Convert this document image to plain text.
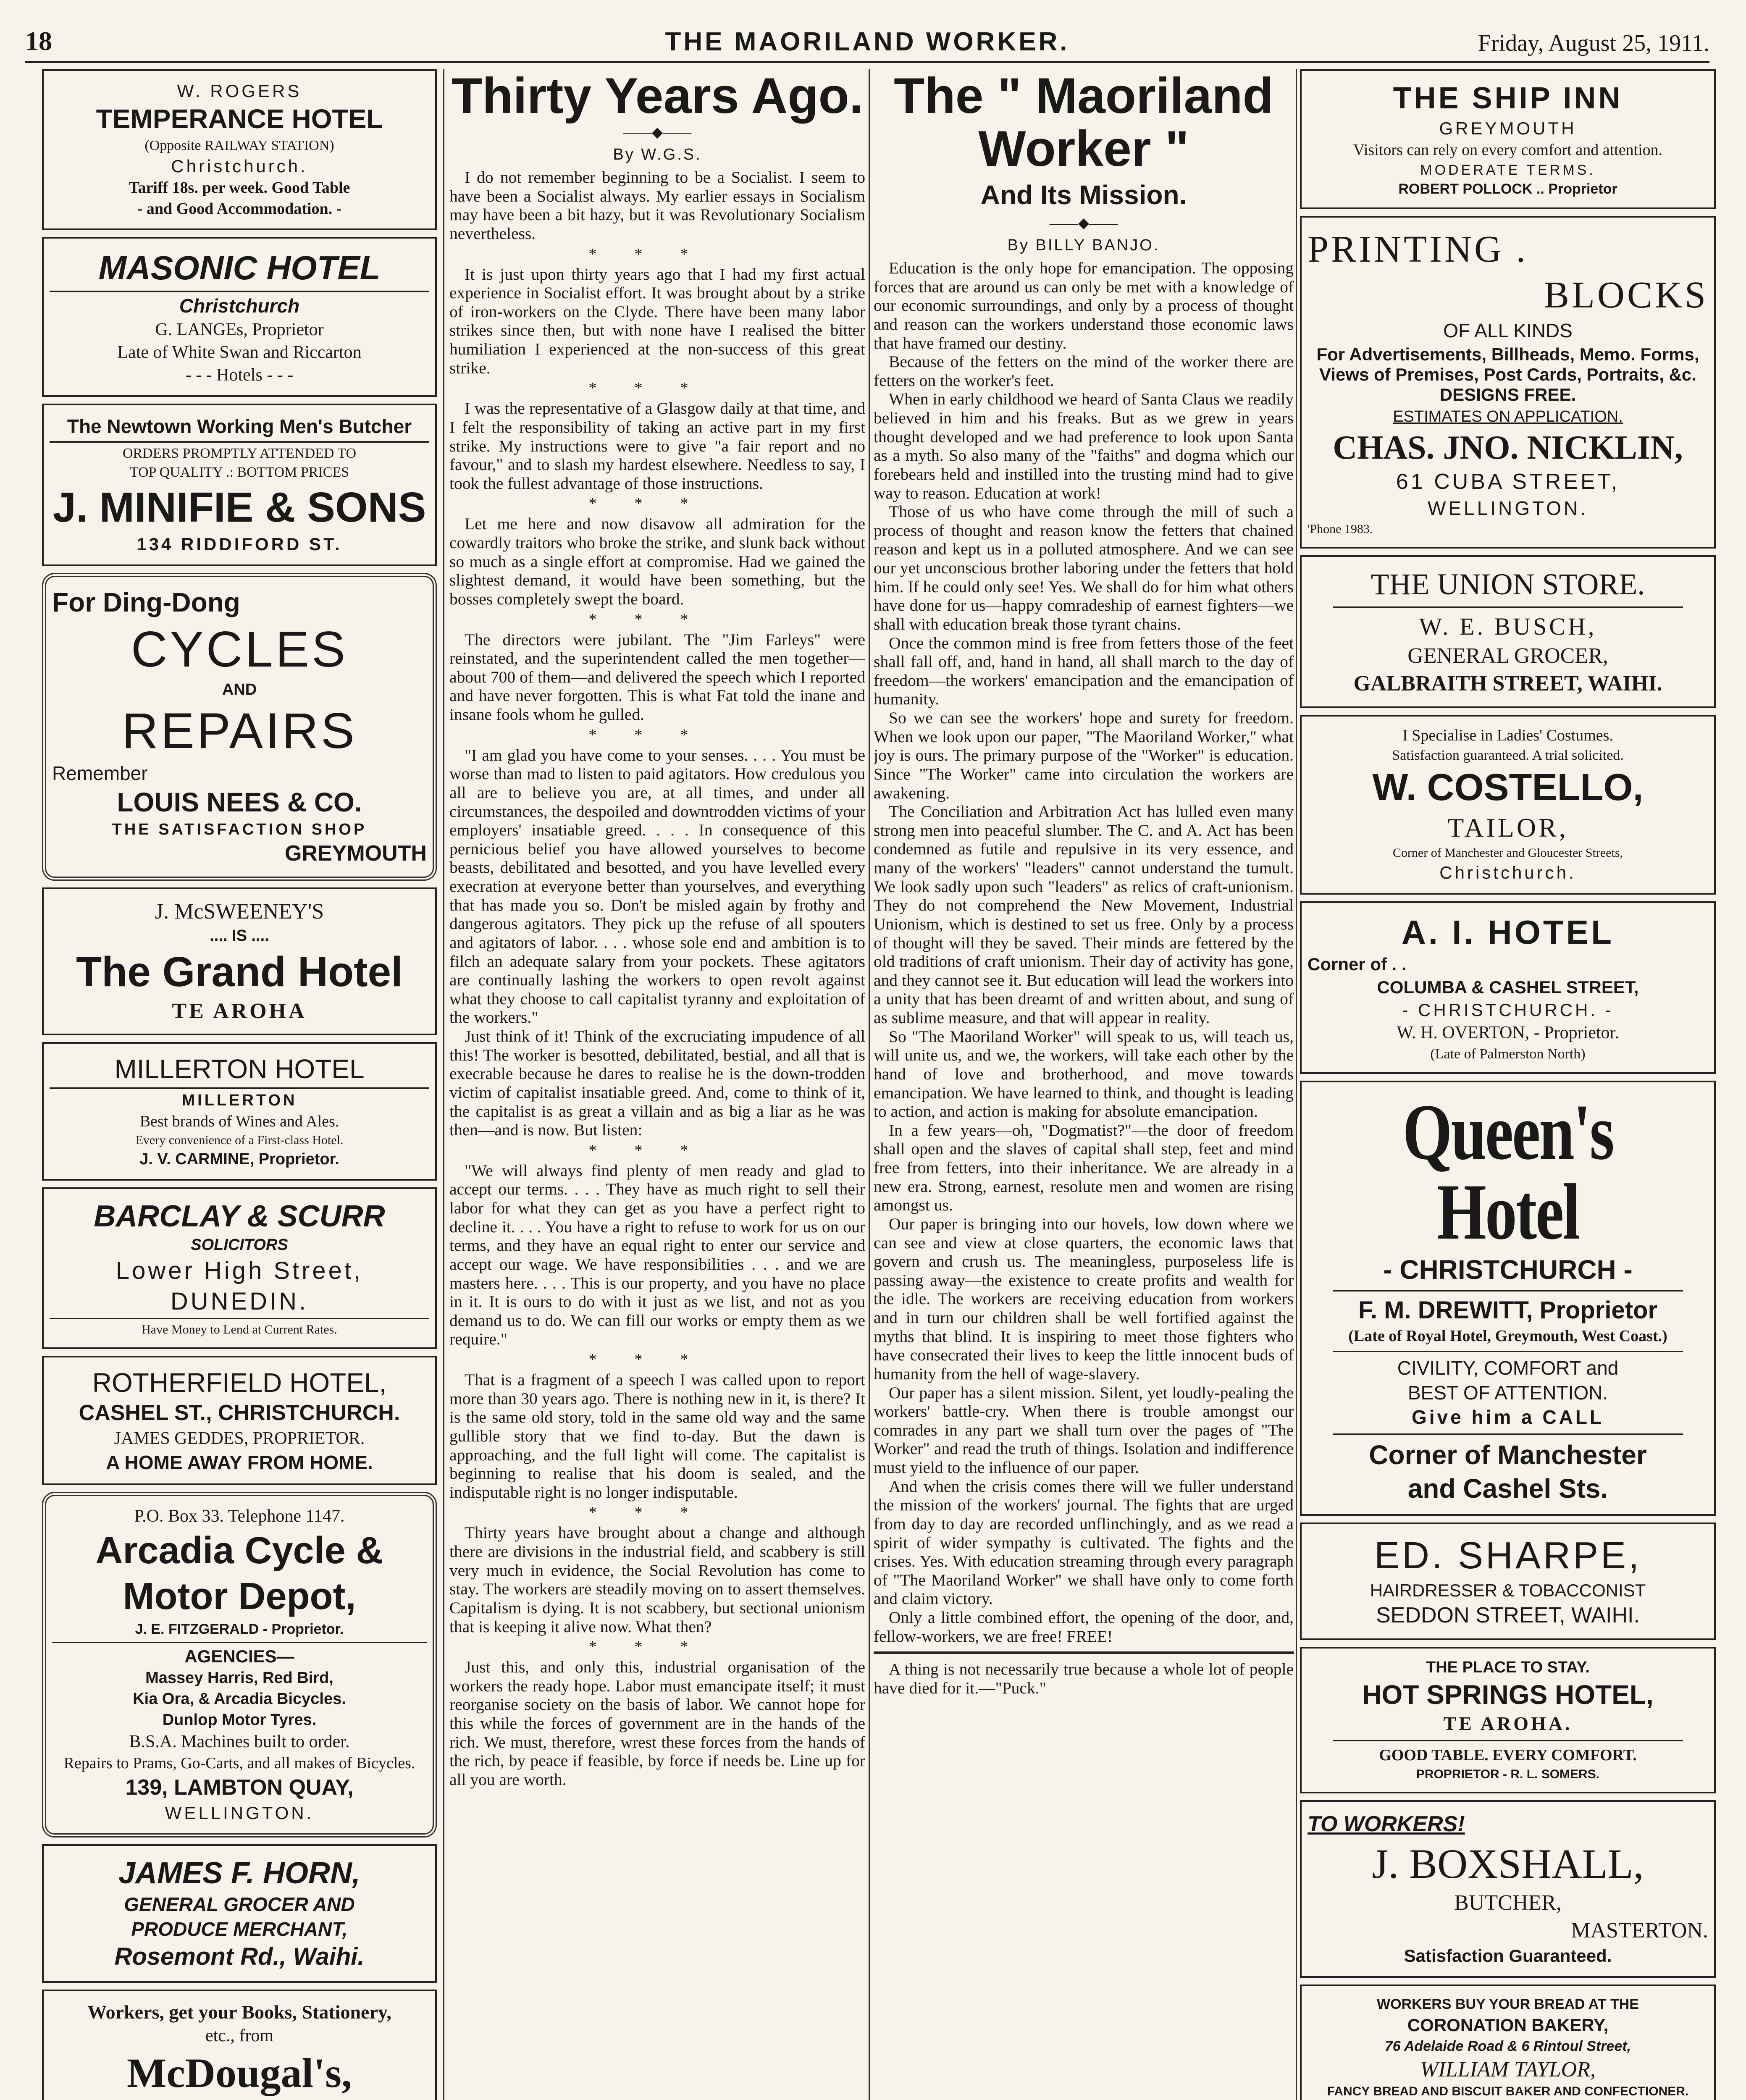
18	THE MAORILAND WORKER.	Friday, August 25, 1911.

W. ROGERS

TEMPERANCE HOTEL

(Opposite RAILWAY STATION)

Christchurch.

Tariff 18s. per week. Good Table

- and Good Accommodation. -

MASONIC HOTEL

Christchurch

G. LANGEs, Proprietor

Late of White Swan and Riccarton

- - - Hotels - - -

The Newtown Working Men's Butcher

ORDERS PROMPTLY ATTENDED TO

TOP QUALITY .: BOTTOM PRICES

J. MINIFIE & SONS

134 RIDDIFORD ST.

For Ding-Dong

CYCLES

AND

REPAIRS

Remember

LOUIS NEES & CO.

THE SATISFACTION SHOP

GREYMOUTH

J. McSWEENEY'S

.... IS ....

The Grand Hotel

TE AROHA

MILLERTON HOTEL

MILLERTON

Best brands of Wines and Ales.

Every convenience of a First-class Hotel.

J. V. CARMINE, Proprietor.

BARCLAY & SCURR

SOLICITORS

Lower High Street,

DUNEDIN.

Have Money to Lend at Current Rates.

ROTHERFIELD HOTEL,

CASHEL ST., CHRISTCHURCH.

JAMES GEDDES, PROPRIETOR.

A HOME AWAY FROM HOME.

P.O. Box 33. Telephone 1147.

Arcadia Cycle &

Motor Depot,

J. E. FITZGERALD - Proprietor.

AGENCIES—

Massey Harris, Red Bird,

Kia Ora, & Arcadia Bicycles.

Dunlop Motor Tyres.

B.S.A. Machines built to order.

Repairs to Prams, Go-Carts, and all makes of Bicycles.

139, LAMBTON QUAY,

WELLINGTON.

JAMES F. HORN,

GENERAL GROCER AND

PRODUCE MERCHANT,

Rosemont Rd., Waihi.

Workers, get your Books, Stationery,

etc., from

McDougal's,

Thirty Years Ago.
——◆——
By W.G.S.

I do not remember beginning to be a Socialist. I seem to have been a Socialist always. My earlier essays in Socialism may have been a bit hazy, but it was Revolutionary Socialism nevertheless.

***

It is just upon thirty years ago that I had my first actual experience in Socialist effort. It was brought about by a strike of iron-workers on the Clyde. There have been many labor strikes since then, but with none have I realised the bitter humiliation I experienced at the non-success of this great strike.

***

I was the representative of a Glasgow daily at that time, and I felt the responsibility of taking an active part in my first strike. My instructions were to give "a fair report and no favour," and to slash my hardest elsewhere. Needless to say, I took the fullest advantage of those instructions.

***

Let me here and now disavow all admiration for the cowardly traitors who broke the strike, and slunk back without so much as a single effort at compromise. Had we gained the slightest demand, it would have been something, but the bosses completely swept the board.

***

The directors were jubilant. The "Jim Farleys" were reinstated, and the superintendent called the men together—about 700 of them—and delivered the speech which I reported and have never forgotten. This is what Fat told the inane and insane fools whom he gulled.

***

"I am glad you have come to your senses. . . . You must be worse than mad to listen to paid agitators. How credulous you all are to believe you are, at all times, and under all circumstances, the despoiled and downtrodden victims of your employers' insatiable greed. . . . In consequence of this pernicious belief you have allowed yourselves to become beasts, debilitated and besotted, and you have levelled every execration at everyone better than yourselves, and everything that has made you so. Don't be misled again by frothy and dangerous agitators. They pick up the refuse of all spouters and agitators of labor. . . . whose sole end and ambition is to filch an adequate salary from your pockets. These agitators are continually lashing the workers to open revolt against what they choose to call capitalist tyranny and exploitation of the workers."

Just think of it! Think of the excruciating impudence of all this! The worker is besotted, debilitated, bestial, and all that is execrable because he dares to realise he is the down-trodden victim of capitalist insatiable greed. And, come to think of it, the capitalist is as great a villain and as big a liar as he was then—and is now. But listen:

***

"We will always find plenty of men ready and glad to accept our terms. . . . They have as much right to sell their labor for what they can get as you have a perfect right to decline it. . . . You have a right to refuse to work for us on our terms, and they have an equal right to enter our service and accept our wage. We have responsibilities . . . and we are masters here. . . . This is our property, and you have no place in it. It is ours to do with it just as we list, and not as you demand us to do. We can fill our works or empty them as we require."

***

That is a fragment of a speech I was called upon to report more than 30 years ago. There is nothing new in it, is there? It is the same old story, told in the same old way and the same gullible story that we find to-day. But the dawn is approaching, and the full light will come. The capitalist is beginning to realise that his doom is sealed, and the indisputable right is no longer indisputable.

***

Thirty years have brought about a change and although there are divisions in the industrial field, and scabbery is still very much in evidence, the Social Revolution has come to stay. The workers are steadily moving on to assert themselves. Capitalism is dying. It is not scabbery, but sectional unionism that is keeping it alive now. What then?

***

Just this, and only this, industrial organisation of the workers the ready hope. Labor must emancipate itself; it must reorganise society on the basis of labor. We cannot hope for this while the forces of government are in the hands of the rich. We must, therefore, wrest these forces from the hands of the rich, by peace if feasible, by force if needs be. Line up for all you are worth.

The " Maoriland
Worker "
And Its Mission.
——◆——
By BILLY BANJO.

Education is the only hope for emancipation. The opposing forces that are around us can only be met with a knowledge of our economic surroundings, and only by a process of thought and reason can the workers understand those economic laws that have framed our destiny.

Because of the fetters on the mind of the worker there are fetters on the worker's feet.

When in early childhood we heard of Santa Claus we readily believed in him and his freaks. But as we grew in years thought developed and we had preference to look upon Santa as a myth. So also many of the "faiths" and dogma which our forebears held and instilled into the trusting mind had to give way to reason. Education at work!

Those of us who have come through the mill of such a process of thought and reason know the fetters that chained reason and kept us in a polluted atmosphere. And we can see our yet unconscious brother laboring under the fetters that hold him. If he could only see! Yes. We shall do for him what others have done for us—happy comradeship of earnest fighters—we shall with education break those tyrant chains.

Once the common mind is free from fetters those of the feet shall fall off, and, hand in hand, all shall march to the day of freedom—the workers' emancipation and the emancipation of humanity.

So we can see the workers' hope and surety for freedom. When we look upon our paper, "The Maoriland Worker," what joy is ours. The primary purpose of the "Worker" is education. Since "The Worker" came into circulation the workers are awakening.

The Conciliation and Arbitration Act has lulled even many strong men into peaceful slumber. The C. and A. Act has been condemned as futile and repulsive in its very essence, and many of the workers' "leaders" cannot understand the tumult. We look sadly upon such "leaders" as relics of craft-unionism. They do not comprehend the New Movement, Industrial Unionism, which is destined to set us free. Only by a process of thought will they be saved. Their minds are fettered by the old traditions of craft unionism. Their day of activity has gone, and they cannot see it. But education will lead the workers into a unity that has been dreamt of and written about, and sung of as sublime measure, and that will appear in reality.

So "The Maoriland Worker" will speak to us, will teach us, will unite us, and we, the workers, will take each other by the hand of love and brotherhood, and move towards emancipation. We have learned to think, and thought is leading to action, and action is making for absolute emancipation.

In a few years—oh, "Dogmatist?"—the door of freedom shall open and the slaves of capital shall step, feet and mind free from fetters, into their inheritance. We are already in a new era. Strong, earnest, resolute men and women are rising amongst us.

Our paper is bringing into our hovels, low down where we can see and view at close quarters, the economic laws that govern and crush us. The meaningless, purposeless life is passing away—the existence to create profits and wealth for the idle. The workers are receiving education from workers and in turn our children shall be well fortified against the myths that blind. It is inspiring to meet those fighters who have consecrated their lives to keep the little innocent buds of humanity from the hell of wage-slavery.

Our paper has a silent mission. Silent, yet loudly-pealing the workers' battle-cry. When there is trouble amongst our comrades in any part we shall turn over the pages of "The Worker" and read the truth of things. Isolation and indifference must yield to the influence of our paper.

And when the crisis comes there will we fuller understand the mission of the workers' journal. The fights that are urged from day to day are recorded unflinchingly, and as we read a spirit of wider sympathy is cultivated. The fights and the crises. Yes. With education streaming through every paragraph of "The Maoriland Worker" we shall have only to come forth and claim victory.

Only a little combined effort, the opening of the door, and, fellow-workers, we are free! FREE!

A thing is not necessarily true because a whole lot of people have died for it.—"Puck."

THE SHIP INN

GREYMOUTH

Visitors can rely on every comfort and attention.

MODERATE TERMS.

ROBERT POLLOCK .. Proprietor

PRINTING .

BLOCKS

OF ALL KINDS

For Advertisements, Billheads, Memo. Forms, Views of Premises, Post Cards, Portraits, &c. DESIGNS FREE.

ESTIMATES ON APPLICATION.

CHAS. JNO. NICKLIN,

61 CUBA STREET,

WELLINGTON.

'Phone 1983.

THE UNION STORE.

W. E. BUSCH,

GENERAL GROCER,

GALBRAITH STREET, WAIHI.

I Specialise in Ladies' Costumes.

Satisfaction guaranteed. A trial solicited.

W. COSTELLO,

TAILOR,

Corner of Manchester and Gloucester Streets,

Christchurch.

A. I. HOTEL

Corner of . .

COLUMBA & CASHEL STREET,

- CHRISTCHURCH. -

W. H. OVERTON, - Proprietor.

(Late of Palmerston North)

Queen's Hotel

- CHRISTCHURCH -

F. M. DREWITT, Proprietor

(Late of Royal Hotel, Greymouth, West Coast.)

CIVILITY, COMFORT and

BEST OF ATTENTION.

Give him a CALL

Corner of Manchester

and Cashel Sts.

ED. SHARPE,

HAIRDRESSER & TOBACCONIST

SEDDON STREET, WAIHI.

THE PLACE TO STAY.

HOT SPRINGS HOTEL,

TE AROHA.

GOOD TABLE. EVERY COMFORT.

PROPRIETOR - R. L. SOMERS.

TO WORKERS!

J. BOXSHALL,

BUTCHER,

MASTERTON.

Satisfaction Guaranteed.

WORKERS BUY YOUR BREAD AT THE

CORONATION BAKERY,

76 Adelaide Road & 6 Rintoul Street,

WILLIAM TAYLOR,

FANCY BREAD AND BISCUIT BAKER AND CONFECTIONER.
